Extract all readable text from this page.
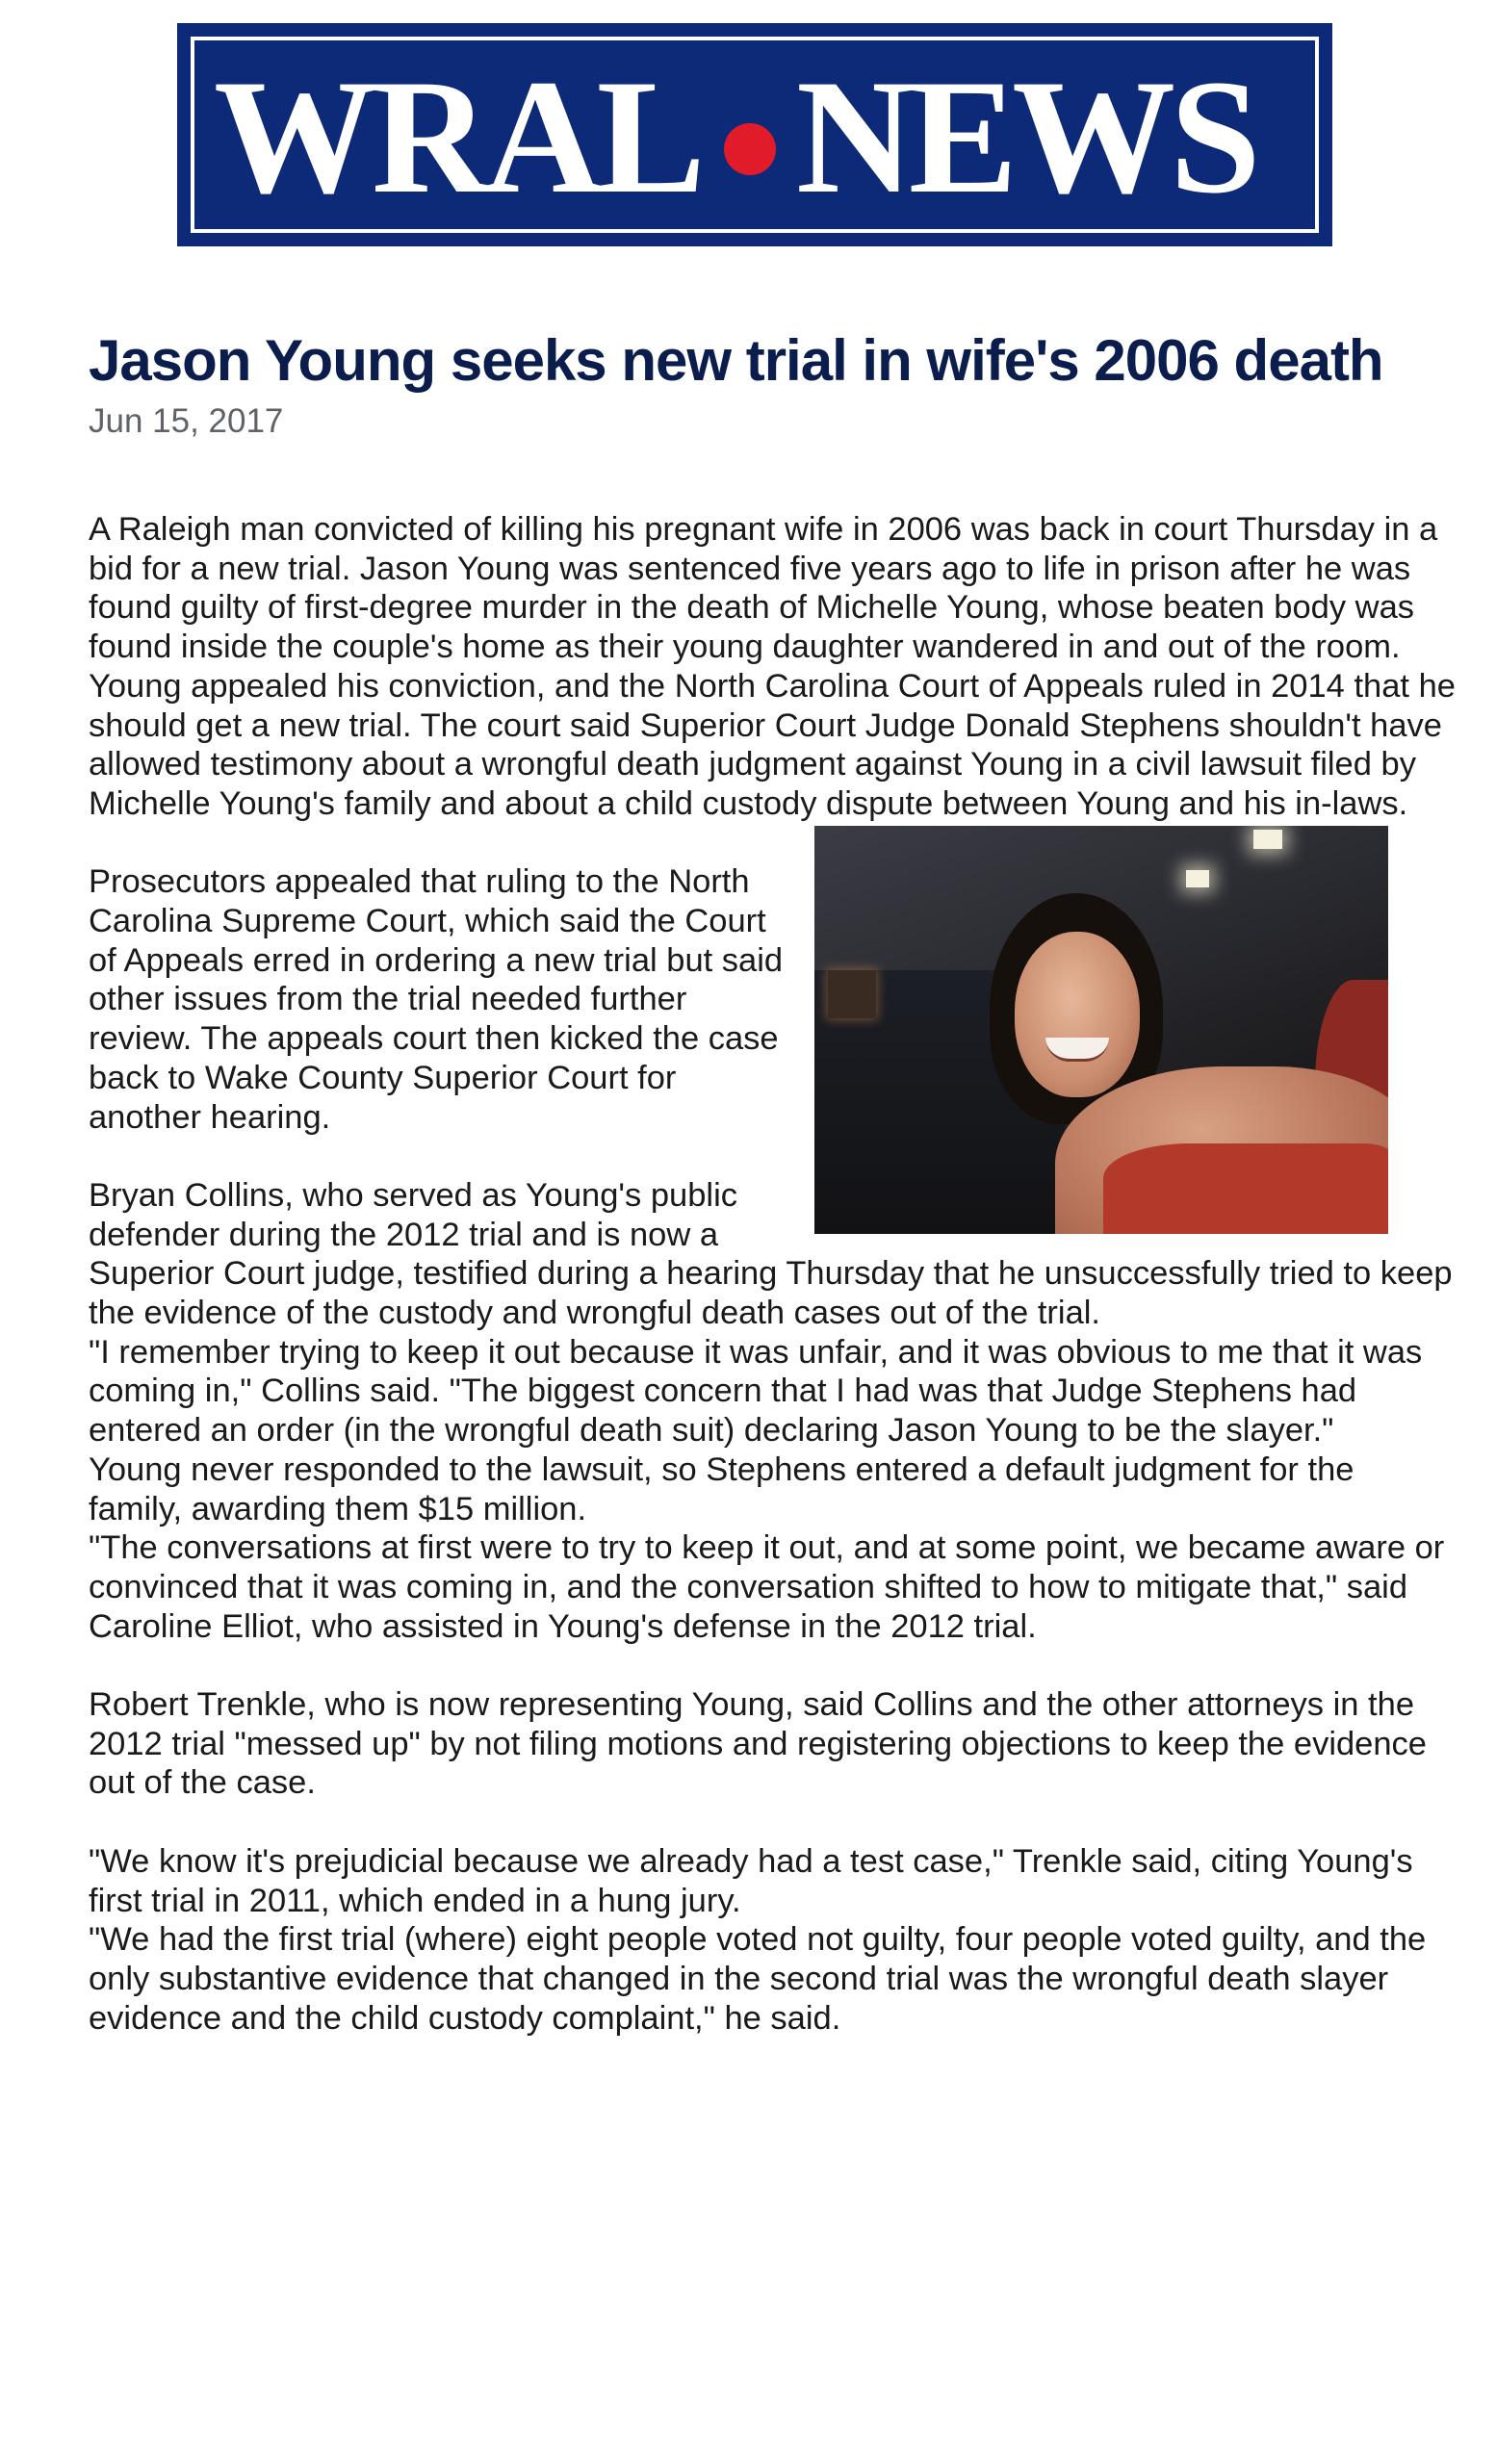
WRAL NEWS
Jason Young seeks new trial in wife's 2006 death
Jun 15, 2017

A Raleigh man convicted of killing his pregnant wife in 2006 was back in court Thursday in a bid for a new trial. Jason Young was sentenced five years ago to life in prison after he was found guilty of first-degree murder in the death of Michelle Young, whose beaten body was found inside the couple's home as their young daughter wandered in and out of the room.

Young appealed his conviction, and the North Carolina Court of Appeals ruled in 2014 that he should get a new trial. The court said Superior Court Judge Donald Stephens shouldn't have allowed testimony about a wrongful death judgment against Young in a civil lawsuit filed by Michelle Young's family and about a child custody dispute between Young and his in-laws.

Prosecutors appealed that ruling to the North Carolina Supreme Court, which said the Court of Appeals erred in ordering a new trial but said other issues from the trial needed further review. The appeals court then kicked the case back to Wake County Superior Court for another hearing.

Bryan Collins, who served as Young's public defender during the 2012 trial and is now a Superior Court judge, testified during a hearing Thursday that he unsuccessfully tried to keep the evidence of the custody and wrongful death cases out of the trial.

"I remember trying to keep it out because it was unfair, and it was obvious to me that it was coming in," Collins said. "The biggest concern that I had was that Judge Stephens had entered an order (in the wrongful death suit) declaring Jason Young to be the slayer."

Young never responded to the lawsuit, so Stephens entered a default judgment for the family, awarding them $15 million.

"The conversations at first were to try to keep it out, and at some point, we became aware or convinced that it was coming in, and the conversation shifted to how to mitigate that," said Caroline Elliot, who assisted in Young's defense in the 2012 trial.

Robert Trenkle, who is now representing Young, said Collins and the other attorneys in the 2012 trial "messed up" by not filing motions and registering objections to keep the evidence out of the case.

"We know it's prejudicial because we already had a test case," Trenkle said, citing Young's first trial in 2011, which ended in a hung jury.

"We had the first trial (where) eight people voted not guilty, four people voted guilty, and the only substantive evidence that changed in the second trial was the wrongful death slayer evidence and the child custody complaint," he said.
